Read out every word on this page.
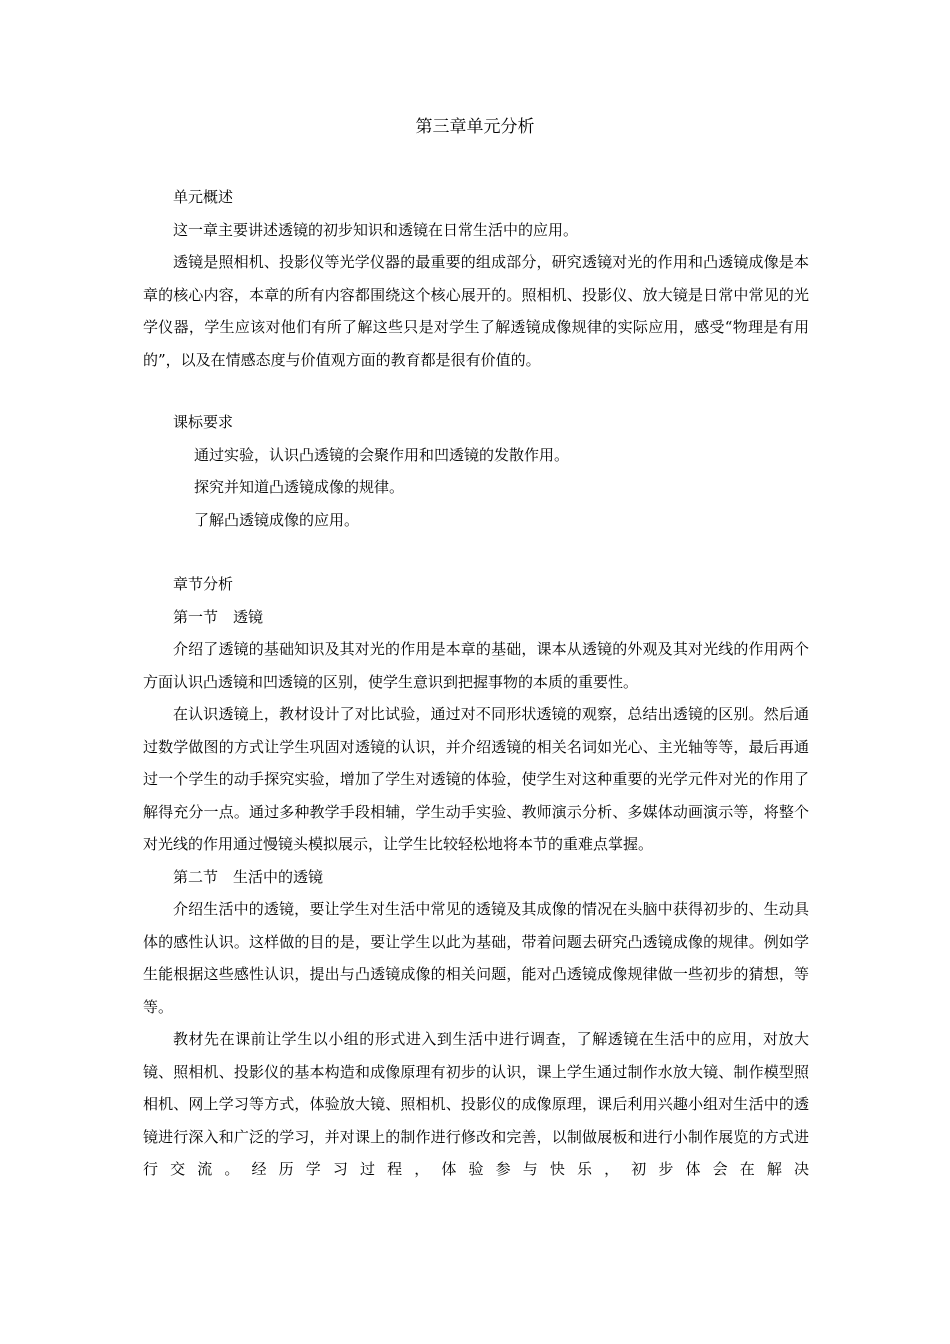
第三章单元分析

单元概述

这一章主要讲述透镜的初步知识和透镜在日常生活中的应用。

透镜是照相机、投影仪等光学仪器的最重要的组成部分，研究透镜对光的作用和凸透镜成像是本章的核心内容，本章的所有内容都围绕这个核心展开的。照相机、投影仪、放大镜是日常中常见的光学仪器，学生应该对他们有所了解这些只是对学生了解透镜成像规律的实际应用，感受“物理是有用的”，以及在情感态度与价值观方面的教育都是很有价值的。

课标要求

通过实验，认识凸透镜的会聚作用和凹透镜的发散作用。

探究并知道凸透镜成像的规律。

了解凸透镜成像的应用。

章节分析

第一节　透镜

介绍了透镜的基础知识及其对光的作用是本章的基础，课本从透镜的外观及其对光线的作用两个方面认识凸透镜和凹透镜的区别，使学生意识到把握事物的本质的重要性。

在认识透镜上，教材设计了对比试验，通过对不同形状透镜的观察，总结出透镜的区别。然后通过数学做图的方式让学生巩固对透镜的认识，并介绍透镜的相关名词如光心、主光轴等等，最后再通过一个学生的动手探究实验，增加了学生对透镜的体验，使学生对这种重要的光学元件对光的作用了解得充分一点。通过多种教学手段相辅，学生动手实验、教师演示分析、多媒体动画演示等，将整个对光线的作用通过慢镜头模拟展示，让学生比较轻松地将本节的重难点掌握。

第二节　生活中的透镜

介绍生活中的透镜，要让学生对生活中常见的透镜及其成像的情况在头脑中获得初步的、生动具体的感性认识。这样做的目的是，要让学生以此为基础，带着问题去研究凸透镜成像的规律。例如学生能根据这些感性认识，提出与凸透镜成像的相关问题，能对凸透镜成像规律做一些初步的猜想，等等。

教材先在课前让学生以小组的形式进入到生活中进行调查，了解透镜在生活中的应用，对放大镜、照相机、投影仪的基本构造和成像原理有初步的认识，课上学生通过制作水放大镜、制作模型照相机、网上学习等方式，体验放大镜、照相机、投影仪的成像原理，课后利用兴趣小组对生活中的透镜进行深入和广泛的学习，并对课上的制作进行修改和完善，以制做展板和进行小制作展览的方式进行交流。经历学习过程，体验参与快乐，初步体会在解决
